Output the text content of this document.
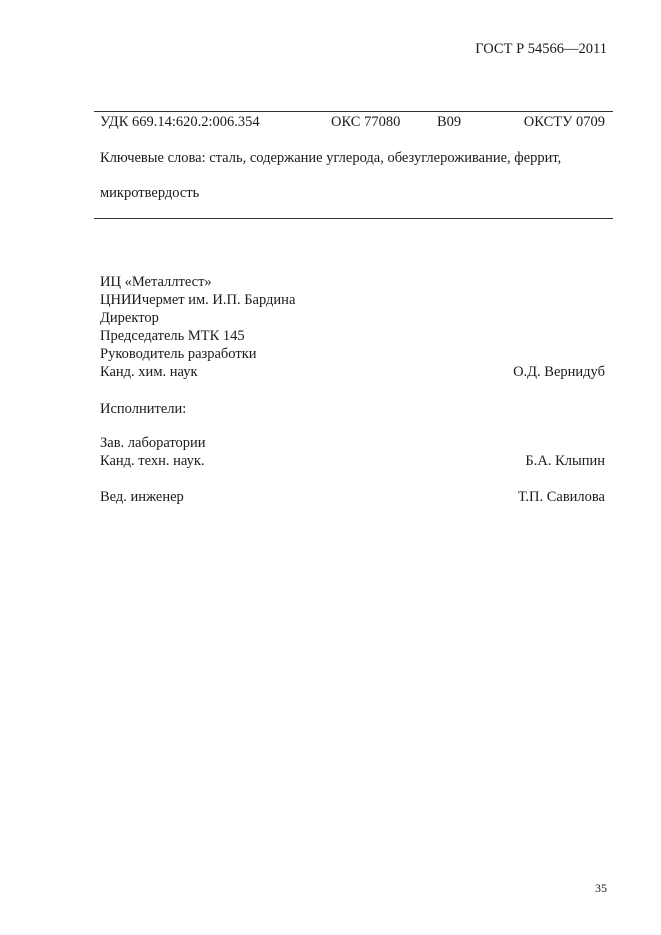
ГОСТ Р 54566—2011
УДК 669.14:620.2:006.354	ОКС 77080	В09	ОКСТУ 0709
Ключевые слова: сталь, содержание углерода, обезуглероживание, феррит,
микротвердость
ИЦ «Металлтест»
ЦНИИчермет им. И.П. Бардина
Директор
Председатель МТК 145
Руководитель разработки
Канд. хим. наук	О.Д. Вернидуб
Исполнители:
Зав. лаборатории
Канд. техн. наук.	Б.А. Клыпин
Вед. инженер	Т.П. Савилова
35
